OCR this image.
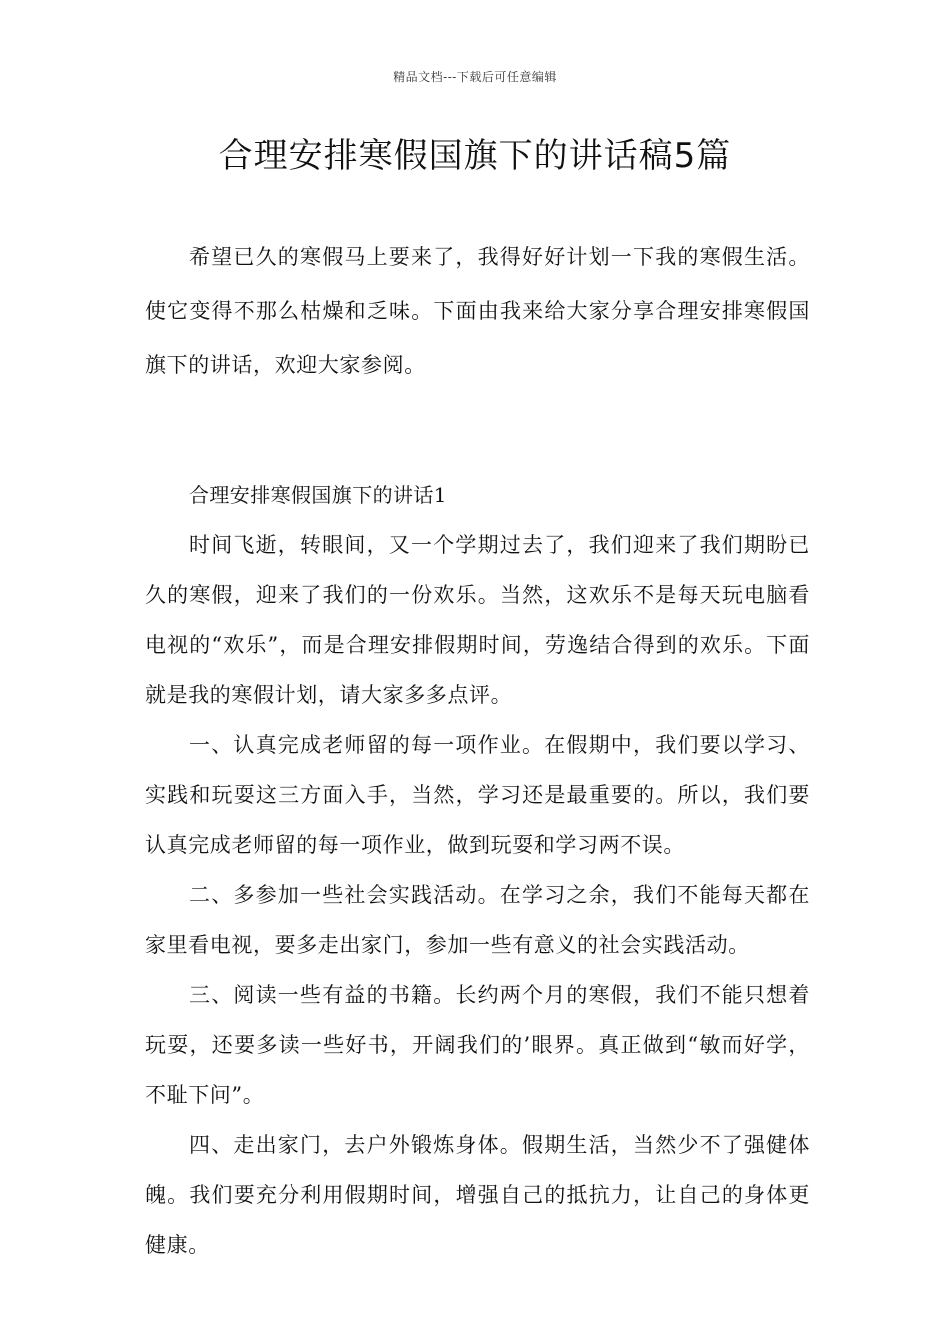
精品文档---下载后可任意编辑
合理安排寒假国旗下的讲话稿5篇

希望已久的寒假马上要来了，我得好好计划一下我的寒假生活。使它变得不那么枯燥和乏味。下面由我来给大家分享合理安排寒假国旗下的讲话，欢迎大家参阅。

合理安排寒假国旗下的讲话1

时间飞逝，转眼间，又一个学期过去了，我们迎来了我们期盼已久的寒假，迎来了我们的一份欢乐。当然，这欢乐不是每天玩电脑看电视的“欢乐”，而是合理安排假期时间，劳逸结合得到的欢乐。下面就是我的寒假计划，请大家多多点评。

一、认真完成老师留的每一项作业。在假期中，我们要以学习、实践和玩耍这三方面入手，当然，学习还是最重要的。所以，我们要认真完成老师留的每一项作业，做到玩耍和学习两不误。

二、多参加一些社会实践活动。在学习之余，我们不能每天都在家里看电视，要多走出家门，参加一些有意义的社会实践活动。

三、阅读一些有益的书籍。长约两个月的寒假，我们不能只想着玩耍，还要多读一些好书，开阔我们的’眼界。真正做到“敏而好学，不耻下问”。

四、走出家门，去户外锻炼身体。假期生活，当然少不了强健体魄。我们要充分利用假期时间，增强自己的抵抗力，让自己的身体更健康。
